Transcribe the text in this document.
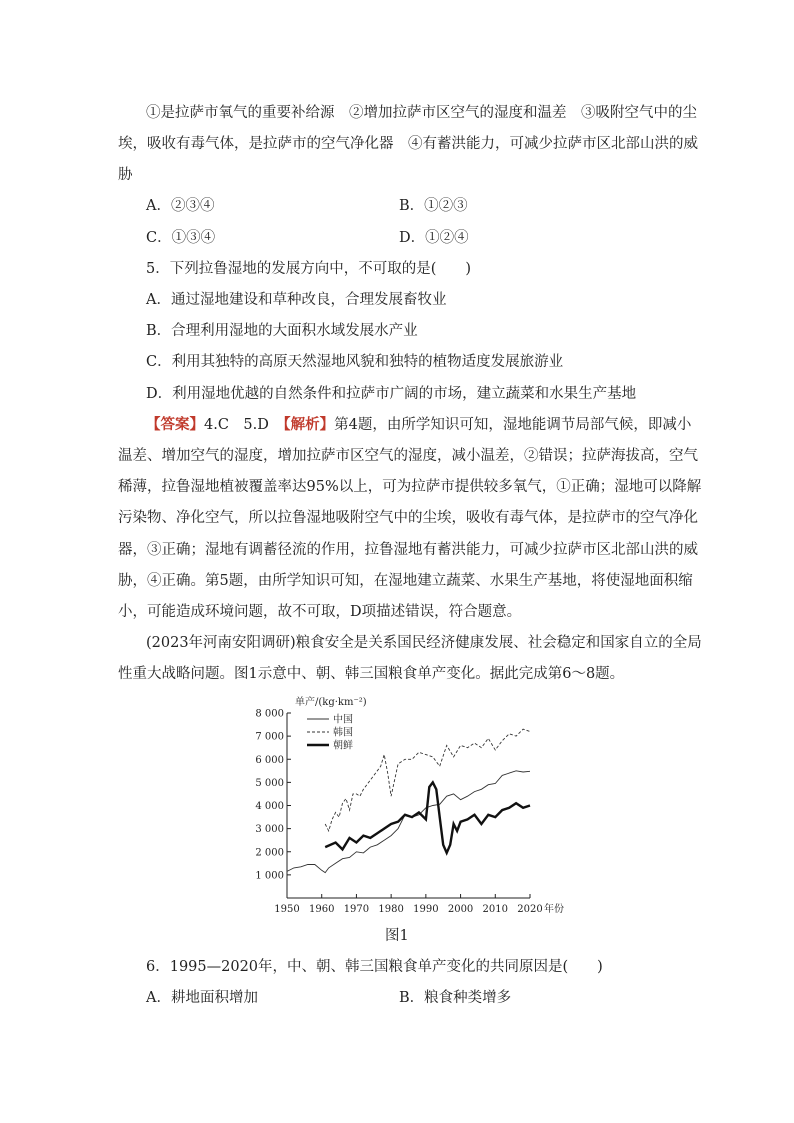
①是拉萨市氧气的重要补给源　②增加拉萨市区空气的湿度和温差　③吸附空气中的尘
埃，吸收有毒气体，是拉萨市的空气净化器　④有蓄洪能力，可减少拉萨市区北部山洪的威
胁
A．②③④	B．①②③
C．①③④	D．①②④
5．下列拉鲁湿地的发展方向中，不可取的是(　　)
A．通过湿地建设和草种改良，合理发展畜牧业
B．合理利用湿地的大面积水域发展水产业
C．利用其独特的高原天然湿地风貌和独特的植物适度发展旅游业
D．利用湿地优越的自然条件和拉萨市广阔的市场，建立蔬菜和水果生产基地
【答案】4.C　5.D　【解析】第4题，由所学知识可知，湿地能调节局部气候，即减小
温差、增加空气的湿度，增加拉萨市区空气的湿度，减小温差，②错误；拉萨海拔高，空气
稀薄，拉鲁湿地植被覆盖率达95%以上，可为拉萨市提供较多氧气，①正确；湿地可以降解
污染物、净化空气，所以拉鲁湿地吸附空气中的尘埃，吸收有毒气体，是拉萨市的空气净化
器，③正确；湿地有调蓄径流的作用，拉鲁湿地有蓄洪能力，可减少拉萨市区北部山洪的威
胁，④正确。第5题，由所学知识可知，在湿地建立蔬菜、水果生产基地，将使湿地面积缩
小，可能造成环境问题，故不可取，D项描述错误，符合题意。
(2023年河南安阳调研)粮食安全是关系国民经济健康发展、社会稳定和国家自立的全局
性重大战略问题。图1示意中、朝、韩三国粮食单产变化。据此完成第6～8题。
1 000
2 000
3 000
4 000
5 000
6 000
7 000
8 000
1950 1960 1970 1980 1990 2000 2010 2020
单产/(kg·km⁻²)
年份
中国
韩国
朝鲜
图1
6．1995—2020年，中、朝、韩三国粮食单产变化的共同原因是(　　)
A．耕地面积增加	B．粮食种类增多
